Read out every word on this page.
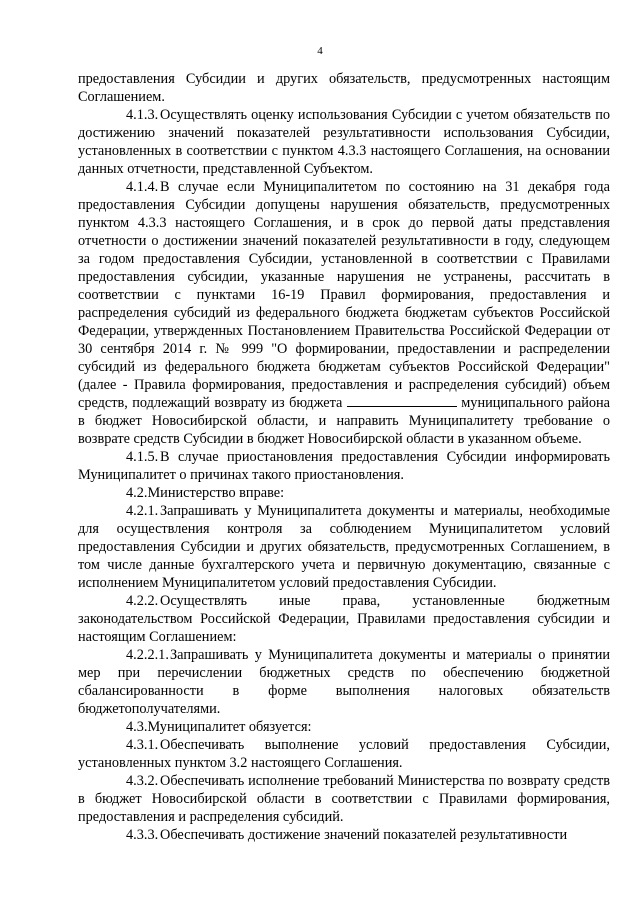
4

предоставления Субсидии и других обязательств, предусмотренных настоящим Соглашением.

4.1.3. Осуществлять оценку использования Субсидии с учетом обязательств по достижению значений показателей результативности использования Субсидии, установленных в соответствии с пунктом 4.3.3 настоящего Соглашения, на основании данных отчетности, представленной Субъектом.

4.1.4. В случае если Муниципалитетом по состоянию на 31 декабря года предоставления Субсидии допущены нарушения обязательств, предусмотренных пунктом 4.3.3 настоящего Соглашения, и в срок до первой даты представления отчетности о достижении значений показателей результативности в году, следующем за годом предоставления Субсидии, установленной в соответствии с Правилами предоставления субсидии, указанные нарушения не устранены, рассчитать в соответствии с пунктами 16-19 Правил формирования, предоставления и распределения субсидий из федерального бюджета бюджетам субъектов Российской Федерации, утвержденных Постановлением Правительства Российской Федерации от 30 сентября 2014 г. № 999 "О формировании, предоставлении и распределении субсидий из федерального бюджета бюджетам субъектов Российской Федерации" (далее - Правила формирования, предоставления и распределения субсидий) объем средств, подлежащий возврату из бюджета	муниципального района в бюджет Новосибирской области, и направить Муниципалитету требование о возврате средств Субсидии в бюджет Новосибирской области в указанном объеме.

4.1.5. В случае приостановления предоставления Субсидии информировать Муниципалитет о причинах такого приостановления.

4.2.Министерство вправе:

4.2.1. Запрашивать у Муниципалитета документы и материалы, необходимые для осуществления контроля за соблюдением Муниципалитетом условий предоставления Субсидии и других обязательств, предусмотренных Соглашением, в том числе данные бухгалтерского учета и первичную документацию, связанные с исполнением Муниципалитетом условий предоставления Субсидии.

4.2.2. Осуществлять иные права, установленные бюджетным законодательством Российской Федерации, Правилами предоставления субсидии и настоящим Соглашением:

4.2.2.1.Запрашивать у Муниципалитета документы и материалы о принятии мер при перечислении бюджетных средств по обеспечению бюджетной сбалансированности в форме выполнения налоговых обязательств бюджетополучателями.

4.3.Муниципалитет обязуется:

4.3.1. Обеспечивать выполнение условий предоставления Субсидии, установленных пунктом 3.2 настоящего Соглашения.

4.3.2. Обеспечивать исполнение требований Министерства по возврату средств в бюджет Новосибирской области в соответствии с Правилами формирования, предоставления и распределения субсидий.

4.3.3. Обеспечивать достижение значений показателей результативности
